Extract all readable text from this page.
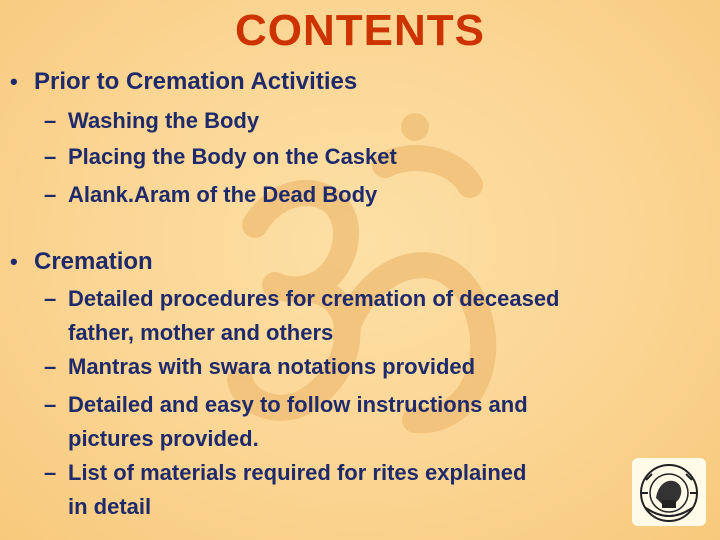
CONTENTS
• Prior to Cremation Activities
– Washing the Body
– Placing the Body on the Casket
– Alank.Aram of the Dead Body
• Cremation
– Detailed procedures for cremation of deceased
father, mother and others
– Mantras with swara notations provided
– Detailed and easy to follow instructions and
pictures provided.
– List of materials required for rites explained
in detail
